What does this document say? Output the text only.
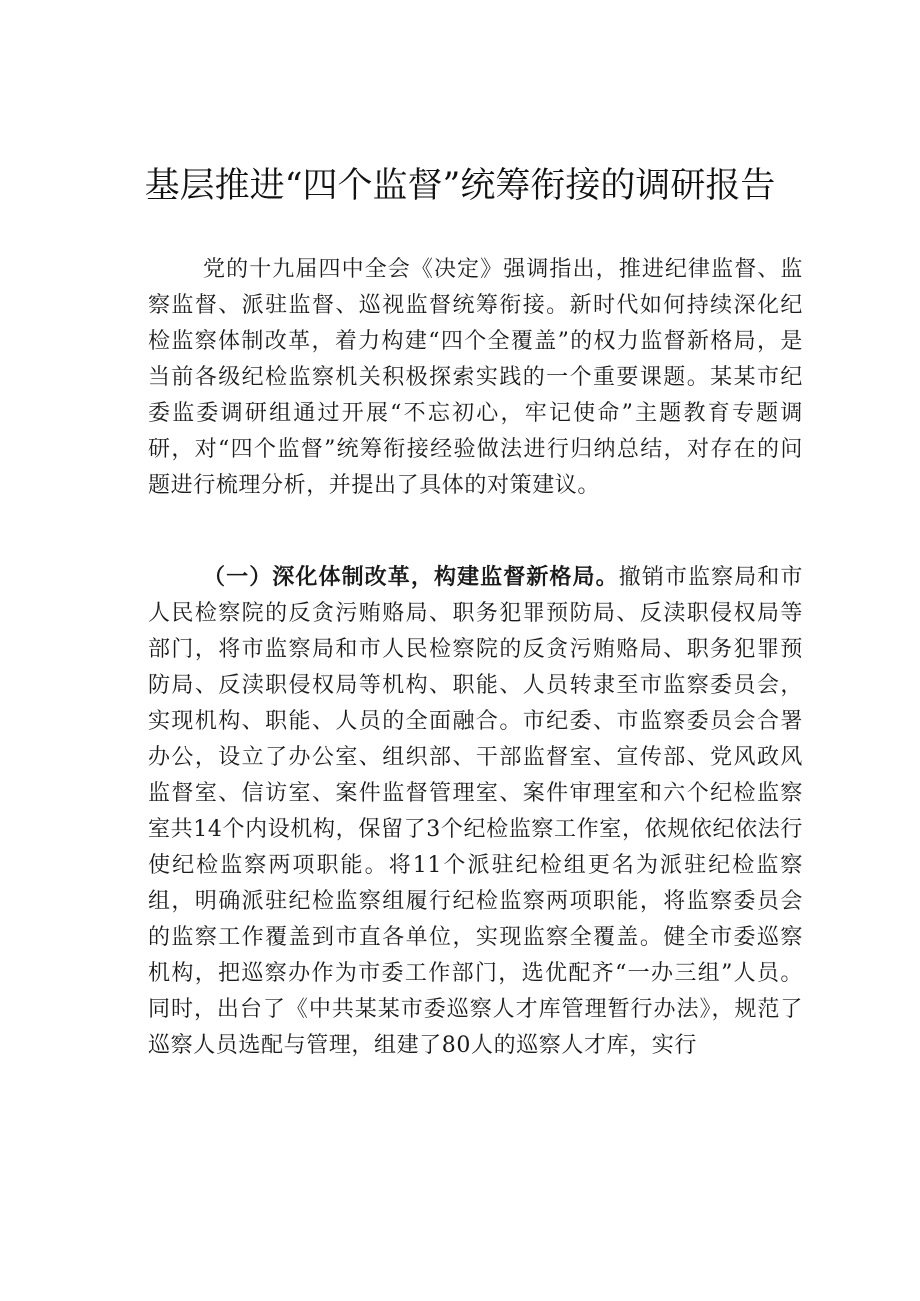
基层推进“四个监督”统筹衔接的调研报告

党的十九届四中全会《决定》强调指出，推进纪律监督、监察监督、派驻监督、巡视监督统筹衔接。新时代如何持续深化纪检监察体制改革，着力构建“四个全覆盖”的权力监督新格局，是当前各级纪检监察机关积极探索实践的一个重要课题。某某市纪委监委调研组通过开展“不忘初心，牢记使命”主题教育专题调研，对“四个监督”统筹衔接经验做法进行归纳总结，对存在的问题进行梳理分析，并提出了具体的对策建议。

（一）深化体制改革，构建监督新格局。撤销市监察局和市人民检察院的反贪污贿赂局、职务犯罪预防局、反渎职侵权局等部门，将市监察局和市人民检察院的反贪污贿赂局、职务犯罪预防局、反渎职侵权局等机构、职能、人员转隶至市监察委员会，实现机构、职能、人员的全面融合。市纪委、市监察委员会合署办公，设立了办公室、组织部、干部监督室、宣传部、党风政风监督室、信访室、案件监督管理室、案件审理室和六个纪检监察室共14个内设机构，保留了3个纪检监察工作室，依规依纪依法行使纪检监察两项职能。将11个派驻纪检组更名为派驻纪检监察组，明确派驻纪检监察组履行纪检监察两项职能，将监察委员会的监察工作覆盖到市直各单位，实现监察全覆盖。健全市委巡察机构，把巡察办作为市委工作部门，选优配齐“一办三组”人员。同时，出台了《中共某某市委巡察人才库管理暂行办法》，规范了巡察人员选配与管理，组建了80人的巡察人才库，实行
